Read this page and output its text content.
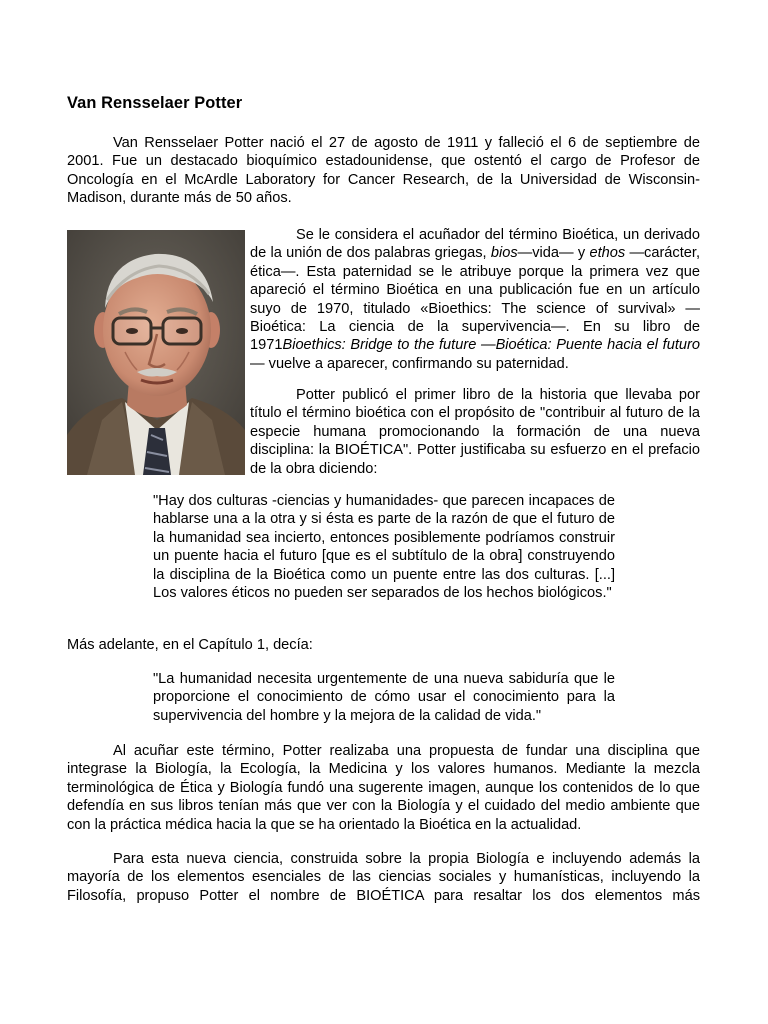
Van Rensselaer Potter

Van Rensselaer Potter nació el 27 de agosto de 1911 y falleció el 6 de septiembre de 2001. Fue un destacado bioquímico estadounidense, que ostentó el cargo de Profesor de Oncología en el McArdle Laboratory for Cancer Research, de la Universidad de Wisconsin-Madison, durante más de 50 años.

Se le considera el acuñador del término Bioética, un derivado de la unión de dos palabras griegas, bios—vida— y ethos —carácter, ética—. Esta paternidad se le atribuye porque la primera vez que apareció el término Bioética en una publicación fue en un artículo suyo de 1970, titulado «Bioethics: The science of survival» —Bioética: La ciencia de la supervivencia—. En su libro de 1971Bioethics: Bridge to the future —Bioética: Puente hacia el futuro— vuelve a aparecer, confirmando su paternidad.

Potter publicó el primer libro de la historia que llevaba por título el término bioética con el propósito de "contribuir al futuro de la especie humana promocionando la formación de una nueva disciplina: la BIOÉTICA". Potter justificaba su esfuerzo en el prefacio de la obra diciendo:

"Hay dos culturas -ciencias y humanidades- que parecen incapaces de hablarse una a la otra y si ésta es parte de la razón de que el futuro de la humanidad sea incierto, entonces posiblemente podríamos construir un puente hacia el futuro [que es el subtítulo de la obra] construyendo la disciplina de la Bioética como un puente entre las dos culturas. [...] Los valores éticos no pueden ser separados de los hechos biológicos."

Más adelante, en el Capítulo 1, decía:

"La humanidad necesita urgentemente de una nueva sabiduría que le proporcione el conocimiento de cómo usar el conocimiento para la supervivencia del hombre y la mejora de la calidad de vida."

Al acuñar este término, Potter realizaba una propuesta de fundar una disciplina que integrase la Biología, la Ecología, la Medicina y los valores humanos. Mediante la mezcla terminológica de Ética y Biología fundó una sugerente imagen, aunque los contenidos de lo que defendía en sus libros tenían más que ver con la Biología y el cuidado del medio ambiente que con la práctica médica hacia la que se ha orientado la Bioética en la actualidad.

Para esta nueva ciencia, construida sobre la propia Biología e incluyendo además la mayoría de los elementos esenciales de las ciencias sociales y humanísticas, incluyendo la Filosofía, propuso Potter el nombre de BIOÉTICA para resaltar los dos elementos más
